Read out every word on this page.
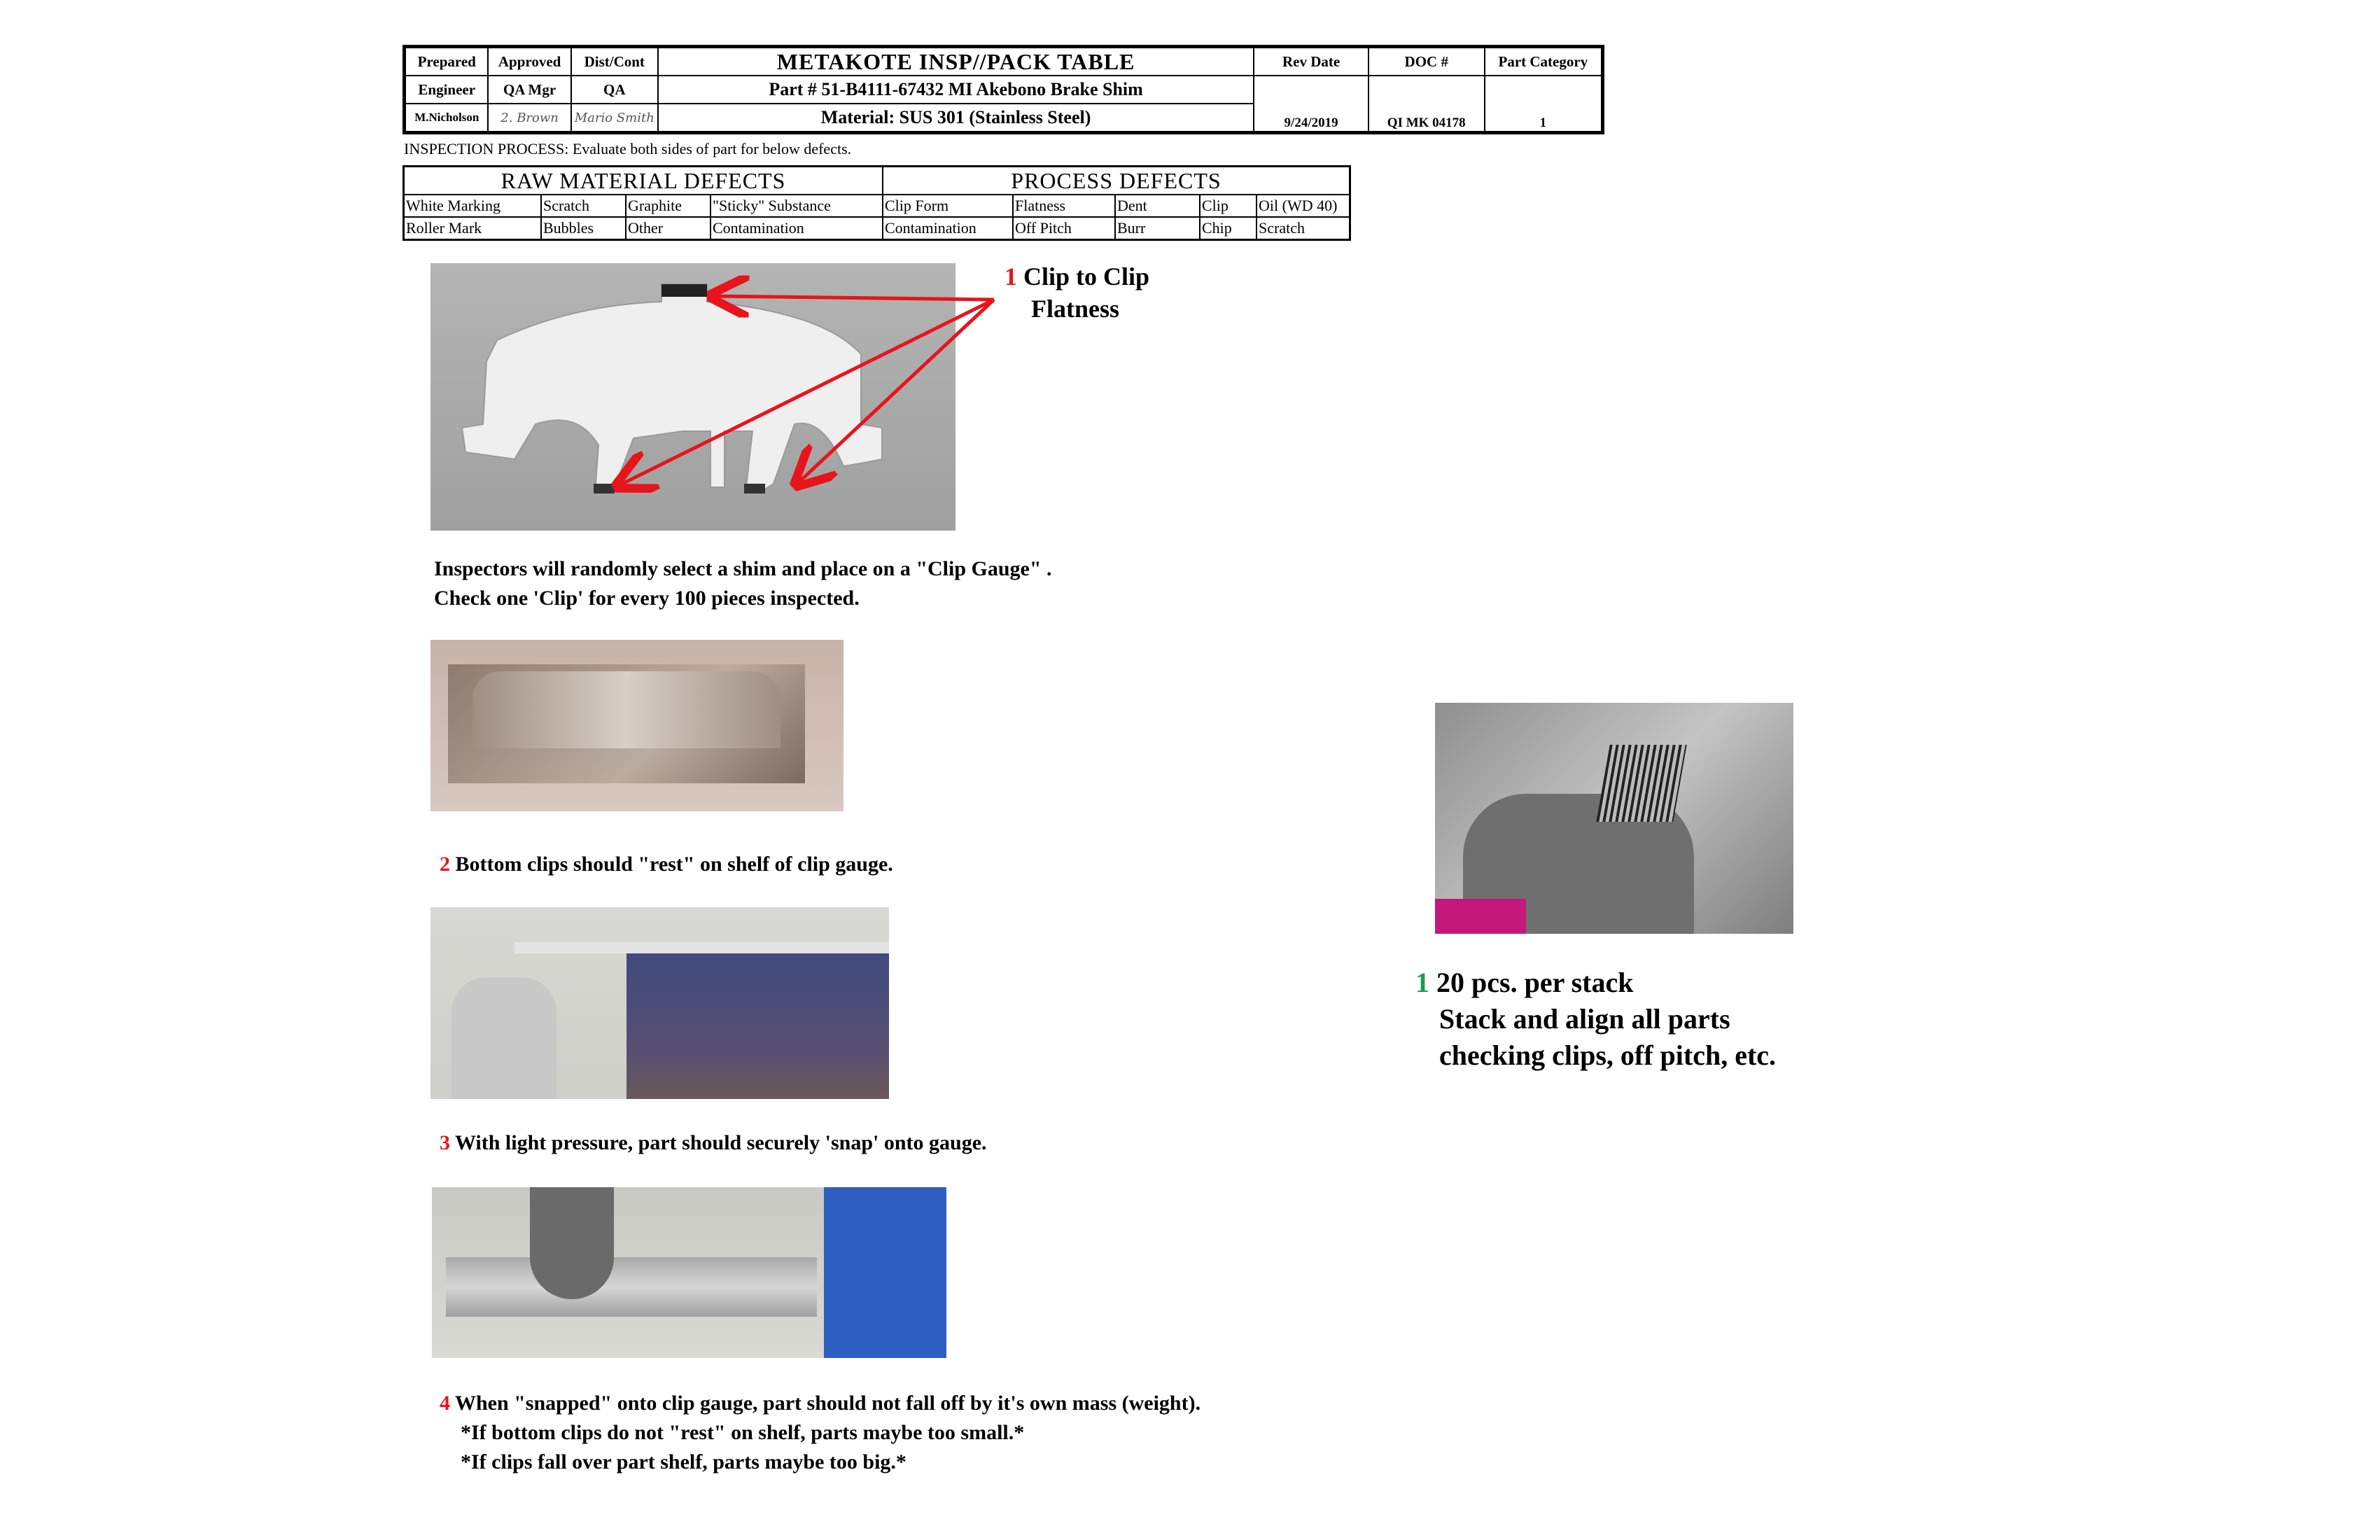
Prepared	Approved	Dist/Cont	METAKOTE INSP//PACK TABLE	Rev Date	DOC #	Part Category
Engineer	QA Mgr	QA	Part # 51-B4111-67432 MI Akebono Brake Shim	9/24/2019	QI MK 04178	1
M.Nicholson	2. Brown	Mario Smith	Material: SUS 301 (Stainless Steel)			
INSPECTION PROCESS: Evaluate both sides of part for below defects.
RAW MATERIAL DEFECTS				PROCESS DEFECTS				
White Marking	Scratch	Graphite	"Sticky" Substance	Clip Form	Flatness	Dent	Clip	Oil (WD 40)
Roller Mark	Bubbles	Other	Contamination	Contamination	Off Pitch	Burr	Chip	Scratch
1 Clip to Clip
Flatness
Inspectors will randomly select a shim and place on a "Clip Gauge" .
Check one 'Clip' for every 100 pieces inspected.
2 Bottom clips should "rest" on shelf of clip gauge.
3 With light pressure, part should securely 'snap' onto gauge.
4 When "snapped" onto clip gauge, part should not fall off by it's own mass (weight).
*If bottom clips do not "rest" on shelf, parts maybe too small.*
*If clips fall over part shelf, parts maybe too big.*
1 20 pcs. per stack
Stack and align all parts
checking clips, off pitch, etc.
